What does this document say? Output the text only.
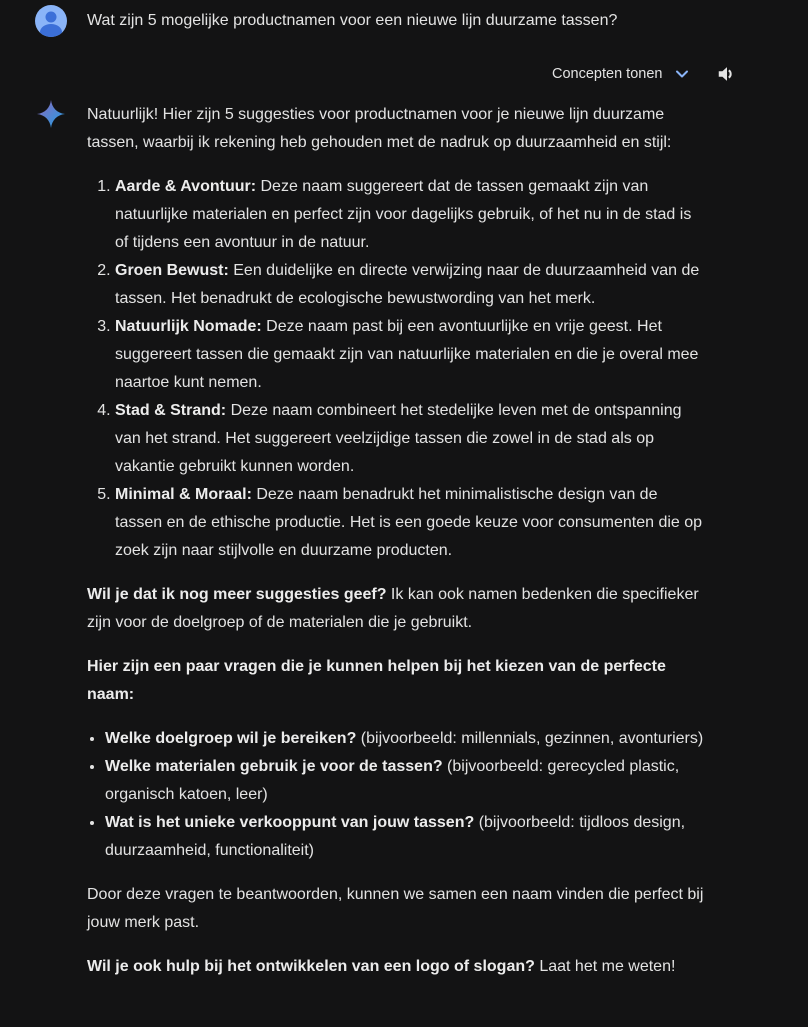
Wat zijn 5 mogelijke productnamen voor een nieuwe lijn duurzame tassen?
Concepten tonen

Natuurlijk! Hier zijn 5 suggesties voor productnamen voor je nieuwe lijn duurzame tassen, waarbij ik rekening heb gehouden met de nadruk op duurzaamheid en stijl:

1. Aarde & Avontuur: Deze naam suggereert dat de tassen gemaakt zijn van natuurlijke materialen en perfect zijn voor dagelijks gebruik, of het nu in de stad is of tijdens een avontuur in de natuur.
2. Groen Bewust: Een duidelijke en directe verwijzing naar de duurzaamheid van de tassen. Het benadrukt de ecologische bewustwording van het merk.
3. Natuurlijk Nomade: Deze naam past bij een avontuurlijke en vrije geest. Het suggereert tassen die gemaakt zijn van natuurlijke materialen en die je overal mee naartoe kunt nemen.
4. Stad & Strand: Deze naam combineert het stedelijke leven met de ontspanning van het strand. Het suggereert veelzijdige tassen die zowel in de stad als op vakantie gebruikt kunnen worden.
5. Minimal & Moraal: Deze naam benadrukt het minimalistische design van de tassen en de ethische productie. Het is een goede keuze voor consumenten die op zoek zijn naar stijlvolle en duurzame producten.

Wil je dat ik nog meer suggesties geef? Ik kan ook namen bedenken die specifieker zijn voor de doelgroep of de materialen die je gebruikt.

Hier zijn een paar vragen die je kunnen helpen bij het kiezen van de perfecte naam:

• Welke doelgroep wil je bereiken? (bijvoorbeeld: millennials, gezinnen, avonturiers)
• Welke materialen gebruik je voor de tassen? (bijvoorbeeld: gerecycled plastic, organisch katoen, leer)
• Wat is het unieke verkooppunt van jouw tassen? (bijvoorbeeld: tijdloos design, duurzaamheid, functionaliteit)

Door deze vragen te beantwoorden, kunnen we samen een naam vinden die perfect bij jouw merk past.

Wil je ook hulp bij het ontwikkelen van een logo of slogan? Laat het me weten!
